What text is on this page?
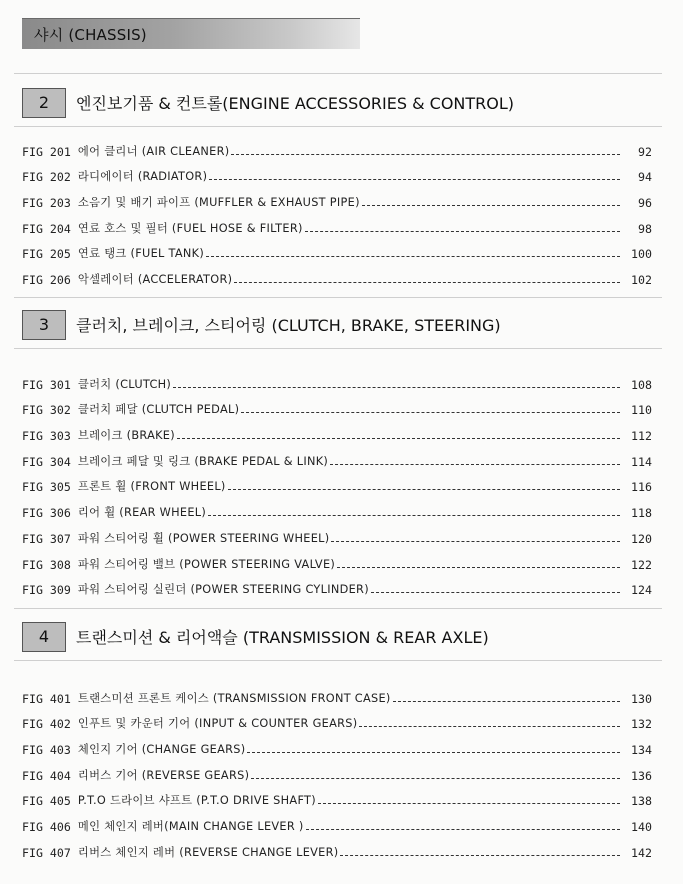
샤시 (CHASSIS)
2	엔진보기품 & 컨트롤(ENGINE ACCESSORIES & CONTROL)
FIG 201 에어 클리너 (AIR CLEANER)	92
FIG 202 라디에이터 (RADIATOR)	94
FIG 203 소음기 및 배기 파이프 (MUFFLER & EXHAUST PIPE)	96
FIG 204 연료 호스 및 필터 (FUEL HOSE & FILTER)	98
FIG 205 연료 탱크 (FUEL TANK)	100
FIG 206 악셀레이터 (ACCELERATOR)	102
3	클러치, 브레이크, 스티어링 (CLUTCH, BRAKE, STEERING)
FIG 301 클러치 (CLUTCH)	108
FIG 302 클러치 페달 (CLUTCH PEDAL)	110
FIG 303 브레이크 (BRAKE)	112
FIG 304 브레이크 페달 및 링크 (BRAKE PEDAL & LINK)	114
FIG 305 프론트 휠 (FRONT WHEEL)	116
FIG 306 리어 휠 (REAR WHEEL)	118
FIG 307 파워 스티어링 휠 (POWER STEERING WHEEL)	120
FIG 308 파워 스티어링 밸브 (POWER STEERING VALVE)	122
FIG 309 파워 스티어링 실린더 (POWER STEERING CYLINDER)	124
4	트랜스미션 & 리어액슬 (TRANSMISSION & REAR AXLE)
FIG 401 트랜스미션 프론트 케이스 (TRANSMISSION FRONT CASE)	130
FIG 402 인푸트 및 카운터 기어 (INPUT & COUNTER GEARS)	132
FIG 403 체인지 기어 (CHANGE GEARS)	134
FIG 404 리버스 기어 (REVERSE GEARS)	136
FIG 405 P.T.O 드라이브 샤프트 (P.T.O DRIVE SHAFT)	138
FIG 406 메인 체인지 레버(MAIN CHANGE LEVER )	140
FIG 407 리버스 체인지 레버 (REVERSE CHANGE LEVER)	142
